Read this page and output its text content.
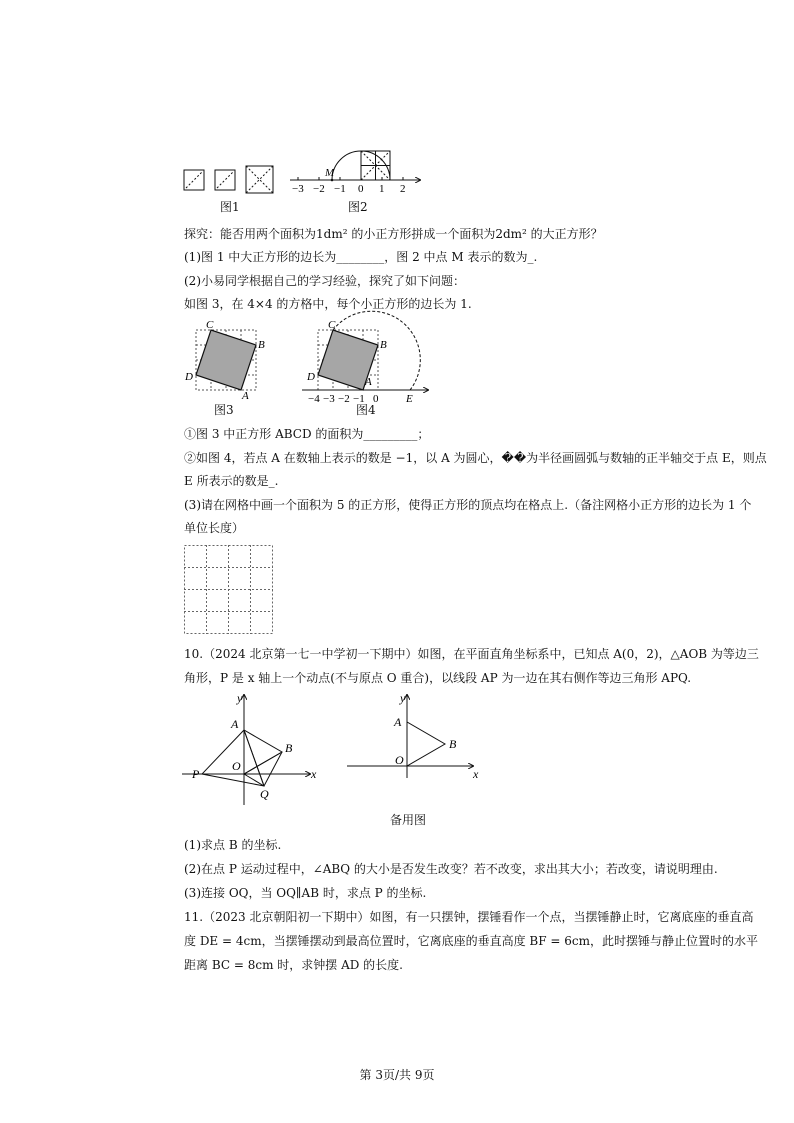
图1
M
−3 −2 −1 0 1 2
图2
探究：能否用两个面积为1dm² 的小正方形拼成一个面积为2dm² 的大正方形？
(1)图 1 中大正方形的边长为________，图 2 中点 M 表示的数为_.
(2)小易同学根据自己的学习经验，探究了如下问题：
如图 3，在 4×4 的方格中，每个小正方形的边长为 1.
A
B
C
D
图3
−4 −3 −2 −1 0
A
B
C
D
E
图4
①图 3 中正方形 ABCD 的面积为_________；
②如图 4，若点 A 在数轴上表示的数是 −1，以 A 为圆心，��为半径画圆弧与数轴的正半轴交于点 E，则点
E 所表示的数是_.
(3)请在网格中画一个面积为 5 的正方形，使得正方形的顶点均在格点上.（备注网格小正方形的边长为 1 个
单位长度）
10.（2024 北京第一七一中学初一下期中）如图，在平面直角坐标系中，已知点 A(0，2)，△AOB 为等边三
角形，P 是 x 轴上一个动点(不与原点 O 重合)，以线段 AP 为一边在其右侧作等边三角形 APQ.
y
x
A
B
O
P
Q
y
x
A
B
O
备用图
(1)求点 B 的坐标.
(2)在点 P 运动过程中，∠ABQ 的大小是否发生改变？若不改变，求出其大小；若改变，请说明理由.
(3)连接 OQ，当 OQ∥AB 时，求点 P 的坐标.
11.（2023 北京朝阳初一下期中）如图，有一只摆钟，摆锤看作一个点，当摆锤静止时，它离底座的垂直高
度 DE = 4cm，当摆锤摆动到最高位置时，它离底座的垂直高度 BF = 6cm，此时摆锤与静止位置时的水平
距离 BC = 8cm 时，求钟摆 AD 的长度.
第 3页/共 9页
